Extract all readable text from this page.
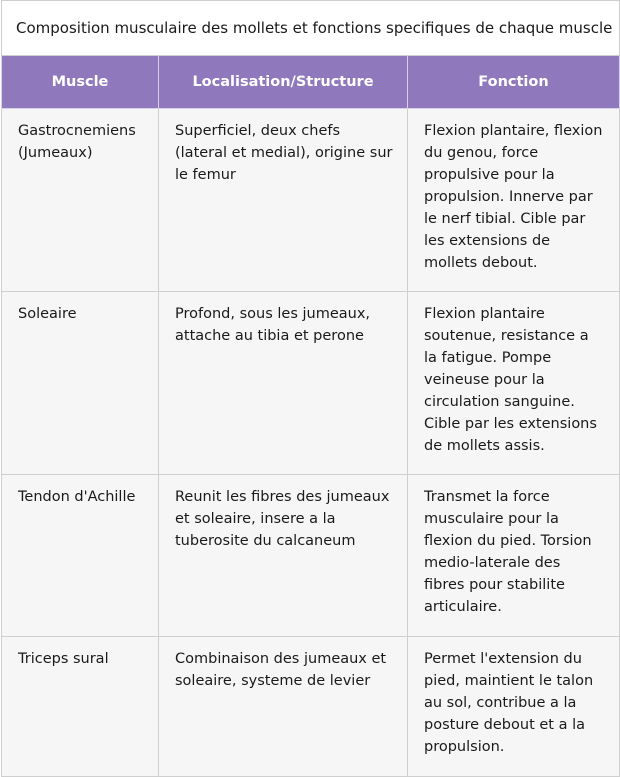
Composition musculaire des mollets et fonctions specifiques de chaque muscle		
Muscle	Localisation/Structure	Fonction
Gastrocnemiens (Jumeaux)	Superficiel, deux chefs (lateral et medial), origine sur le femur	Flexion plantaire, flexion du genou, force propulsive pour la propulsion. Innerve par le nerf tibial. Cible par les extensions de mollets debout.
Soleaire	Profond, sous les jumeaux, attache au tibia et perone	Flexion plantaire soutenue, resistance a la fatigue. Pompe veineuse pour la circulation sanguine. Cible par les extensions de mollets assis.
Tendon d'Achille	Reunit les fibres des jumeaux et soleaire, insere a la tuberosite du calcaneum	Transmet la force musculaire pour la flexion du pied. Torsion medio-laterale des fibres pour stabilite articulaire.
Triceps sural	Combinaison des jumeaux et soleaire, systeme de levier	Permet l'extension du pied, maintient le talon au sol, contribue a la posture debout et a la propulsion.
